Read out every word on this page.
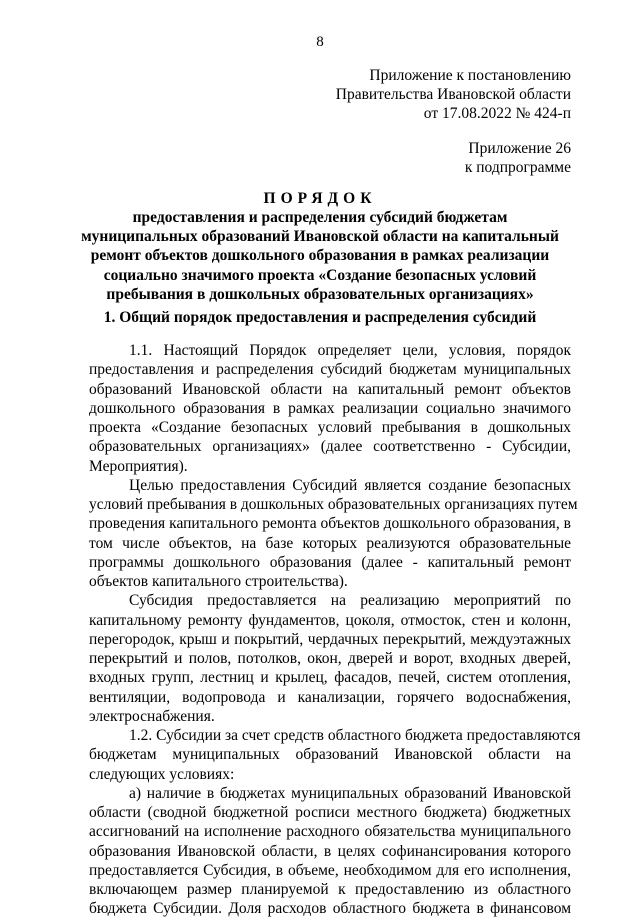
8
Приложение к постановлению
Правительства Ивановской области
от 17.08.2022 № 424-п
Приложение 26
к подпрограмме
ПОРЯДОК
предоставления и распределения субсидий бюджетам
муниципальных образований Ивановской области на капитальный
ремонт объектов дошкольного образования в рамках реализации
социально значимого проекта «Создание безопасных условий
пребывания в дошкольных образовательных организациях»
1. Общий порядок предоставления и распределения субсидий
1.1. Настоящий Порядок определяет цели, условия, порядок
предоставления и распределения субсидий бюджетам муниципальных
образований Ивановской области на капитальный ремонт объектов
дошкольного образования в рамках реализации социально значимого
проекта «Создание безопасных условий пребывания в дошкольных
образовательных организациях» (далее соответственно - Субсидии,
Мероприятия).
Целью предоставления Субсидий является создание безопасных
условий пребывания в дошкольных образовательных организациях путем
проведения капитального ремонта объектов дошкольного образования, в
том числе объектов, на базе которых реализуются образовательные
программы дошкольного образования (далее - капитальный ремонт
объектов капитального строительства).
Субсидия предоставляется на реализацию мероприятий по
капитальному ремонту фундаментов, цоколя, отмосток, стен и колонн,
перегородок, крыш и покрытий, чердачных перекрытий, междуэтажных
перекрытий и полов, потолков, окон, дверей и ворот, входных дверей,
входных групп, лестниц и крылец, фасадов, печей, систем отопления,
вентиляции, водопровода и канализации, горячего водоснабжения,
электроснабжения.
1.2. Субсидии за счет средств областного бюджета предоставляются
бюджетам муниципальных образований Ивановской области на
следующих условиях:
а) наличие в бюджетах муниципальных образований Ивановской
области (сводной бюджетной росписи местного бюджета) бюджетных
ассигнований на исполнение расходного обязательства муниципального
образования Ивановской области, в целях софинансирования которого
предоставляется Субсидия, в объеме, необходимом для его исполнения,
включающем размер планируемой к предоставлению из областного
бюджета Субсидии. Доля расходов областного бюджета в финансовом
